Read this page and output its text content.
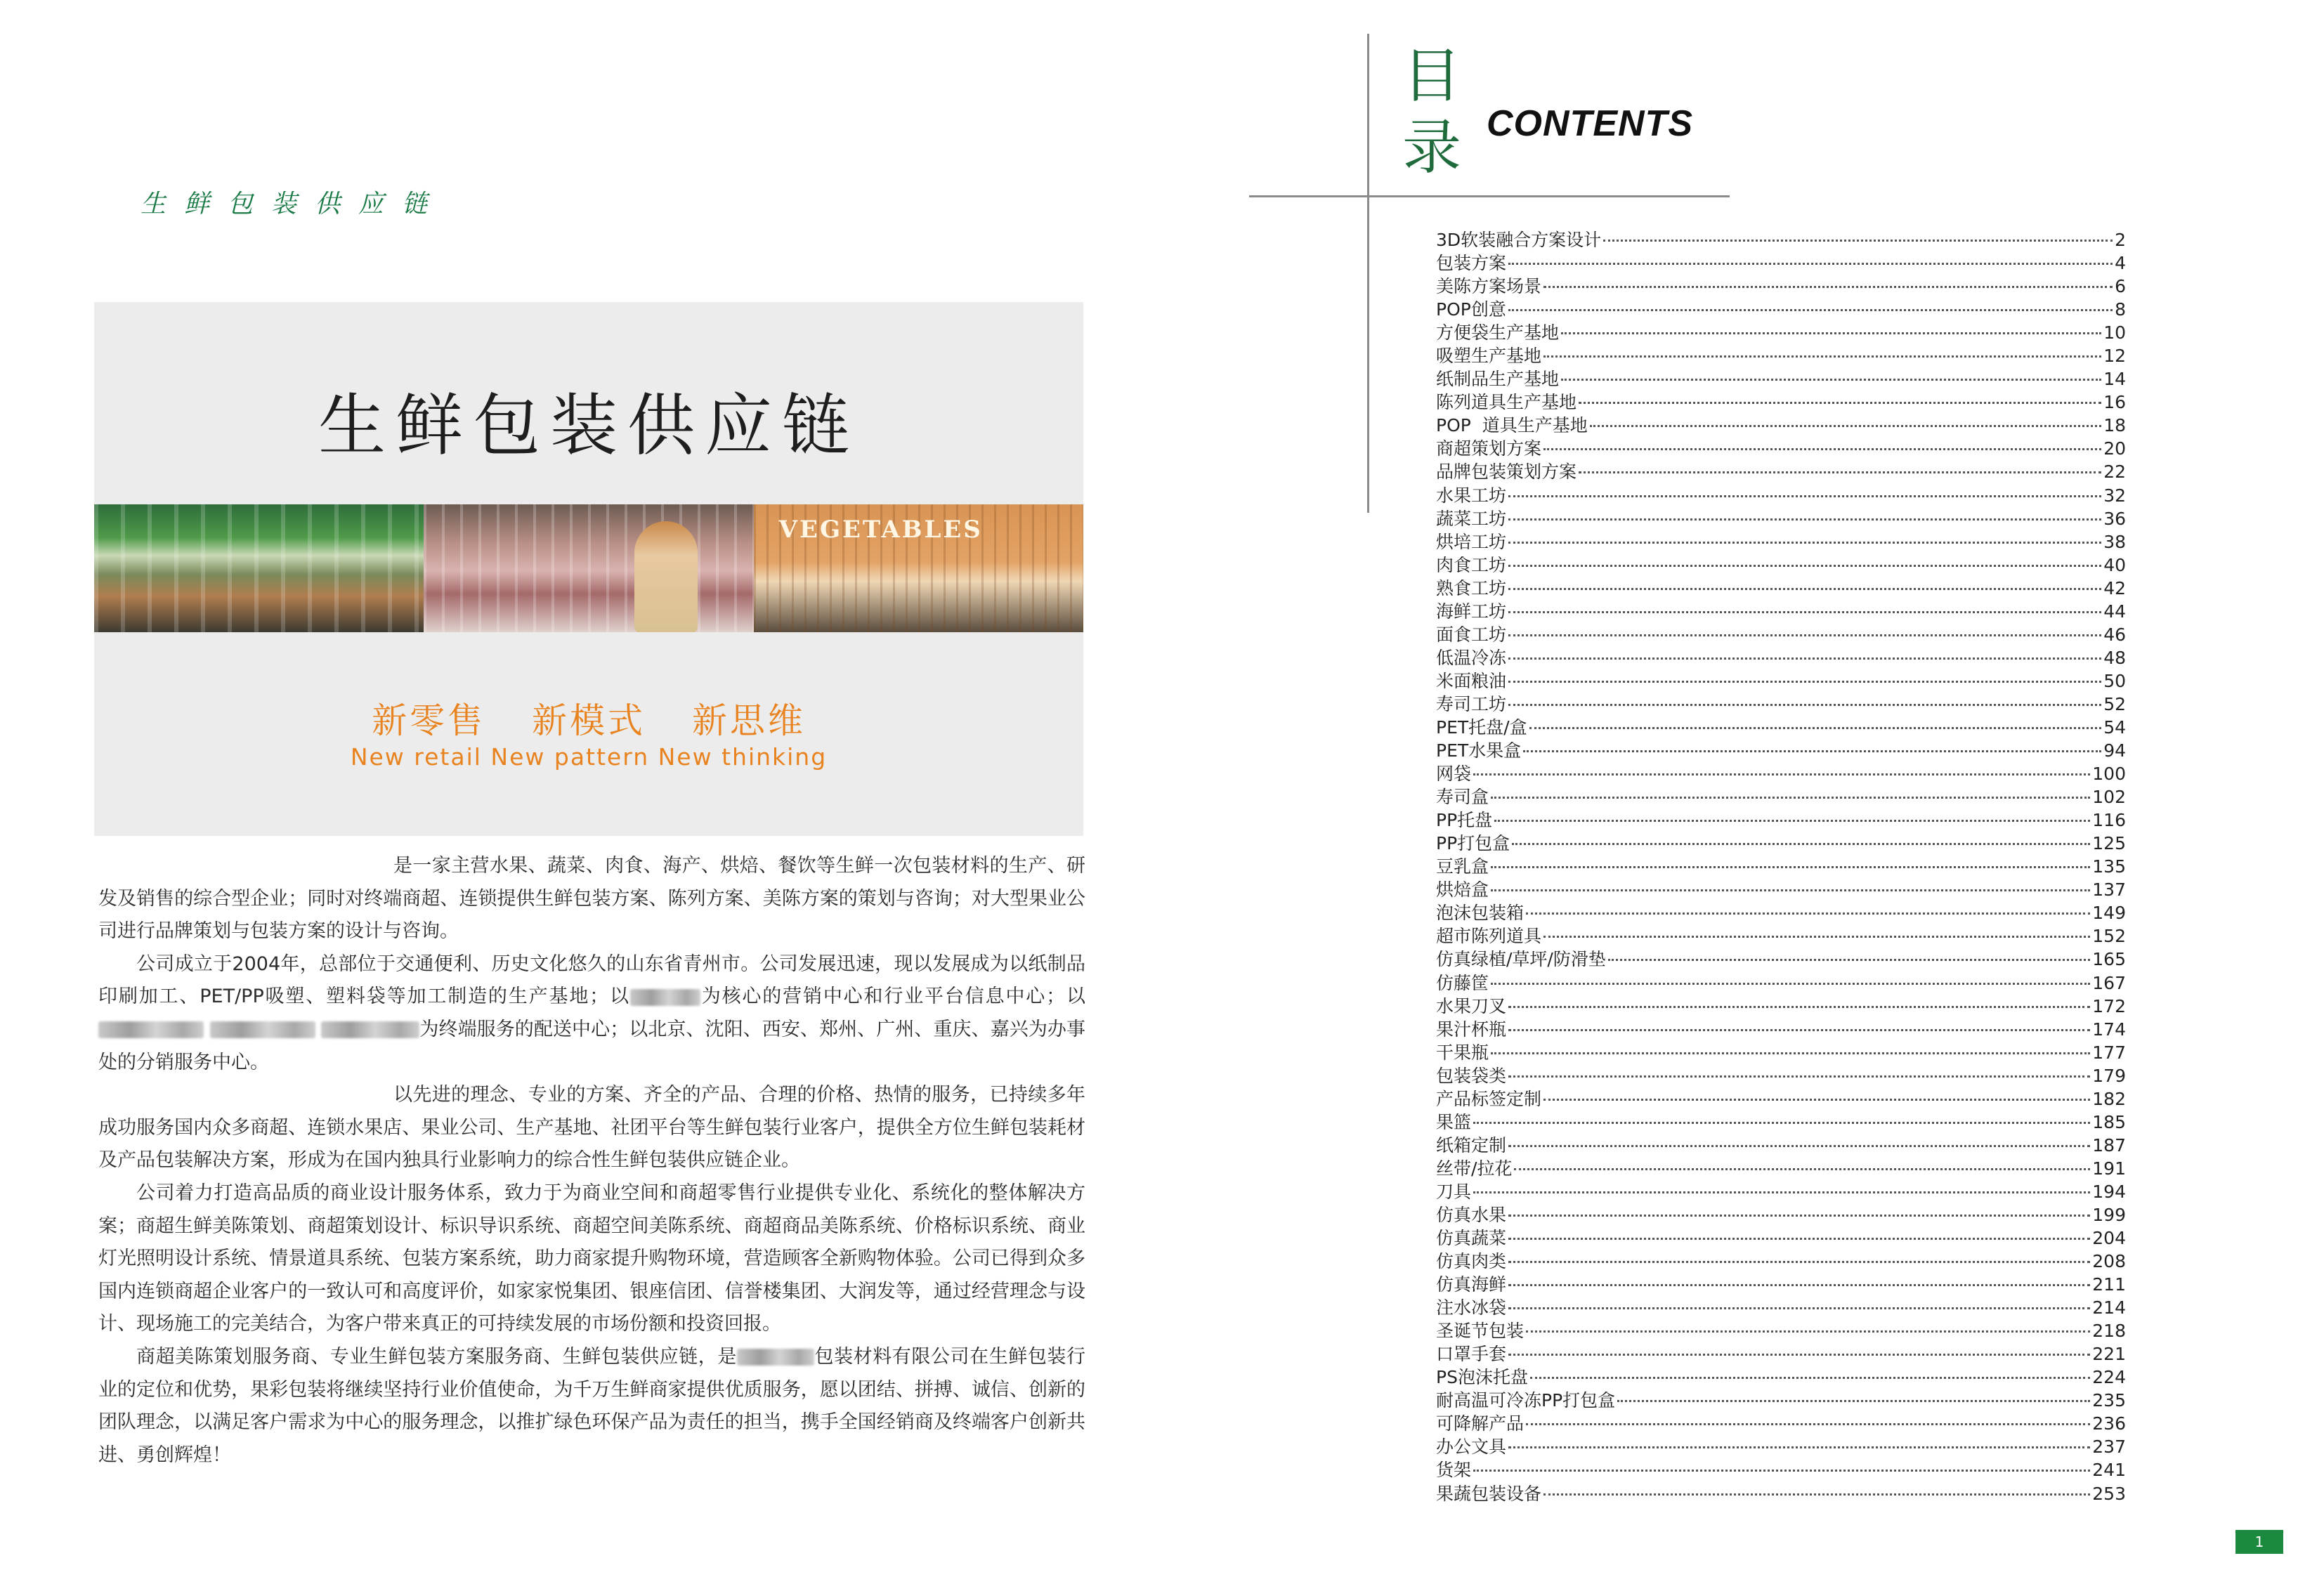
生鲜包装供应链
生鲜包装供应链
VEGETABLES
新零售 新模式 新思维
New retail New pattern New thinking

是一家主营水果、蔬菜、肉食、海产、烘焙、餐饮等生鲜一次包装材料的生产、研发及销售的综合型企业；同时对终端商超、连锁提供生鲜包装方案、陈列方案、美陈方案的策划与咨询；对大型果业公司进行品牌策划与包装方案的设计与咨询。

公司成立于2004年，总部位于交通便利、历史文化悠久的山东省青州市。公司发展迅速，现以发展成为以纸制品印刷加工、PET/PP吸塑、塑料袋等加工制造的生产基地；以	为核心的营销中心和行业平台信息中心；以  为终端服务的配送中心；以北京、沈阳、西安、郑州、广州、重庆、嘉兴为办事处的分销服务中心。

以先进的理念、专业的方案、齐全的产品、合理的价格、热情的服务，已持续多年成功服务国内众多商超、连锁水果店、果业公司、生产基地、社团平台等生鲜包装行业客户，提供全方位生鲜包装耗材及产品包装解决方案，形成为在国内独具行业影响力的综合性生鲜包装供应链企业。

公司着力打造高品质的商业设计服务体系，致力于为商业空间和商超零售行业提供专业化、系统化的整体解决方案；商超生鲜美陈策划、商超策划设计、标识导识系统、商超空间美陈系统、商超商品美陈系统、价格标识系统、商业灯光照明设计系统、情景道具系统、包装方案系统，助力商家提升购物环境，营造顾客全新购物体验。公司已得到众多国内连锁商超企业客户的一致认可和高度评价，如家家悦集团、银座信团、信誉楼集团、大润发等，通过经营理念与设计、现场施工的完美结合，为客户带来真正的可持续发展的市场份额和投资回报。

商超美陈策划服务商、专业生鲜包装方案服务商、生鲜包装供应链，是	包装材料有限公司在生鲜包装行业的定位和优势，果彩包装将继续坚持行业价值使命，为千万生鲜商家提供优质服务，愿以团结、拼搏、诚信、创新的团队理念，以满足客户需求为中心的服务理念，以推扩绿色环保产品为责任的担当，携手全国经销商及终端客户创新共进、勇创辉煌！

目
录 CONTENTS
3D软装融合方案设计	2
包装方案	4
美陈方案场景	6
POP创意	8
方便袋生产基地	10
吸塑生产基地	12
纸制品生产基地	14
陈列道具生产基地	16
POP  道具生产基地	18
商超策划方案	20
品牌包装策划方案	22
水果工坊	32
蔬菜工坊	36
烘培工坊	38
肉食工坊	40
熟食工坊	42
海鲜工坊	44
面食工坊	46
低温冷冻	48
米面粮油	50
寿司工坊	52
PET托盘/盒	54
PET水果盒	94
网袋	100
寿司盒	102
PP托盘	116
PP打包盒	125
豆乳盒	135
烘焙盒	137
泡沫包装箱	149
超市陈列道具	152
仿真绿植/草坪/防滑垫	165
仿藤筐	167
水果刀叉	172
果汁杯瓶	174
干果瓶	177
包装袋类	179
产品标签定制	182
果篮	185
纸箱定制	187
丝带/拉花	191
刀具	194
仿真水果	199
仿真蔬菜	204
仿真肉类	208
仿真海鲜	211
注水冰袋	214
圣诞节包装	218
口罩手套	221
PS泡沫托盘	224
耐高温可冷冻PP打包盒	235
可降解产品	236
办公文具	237
货架	241
果蔬包装设备	253
1
